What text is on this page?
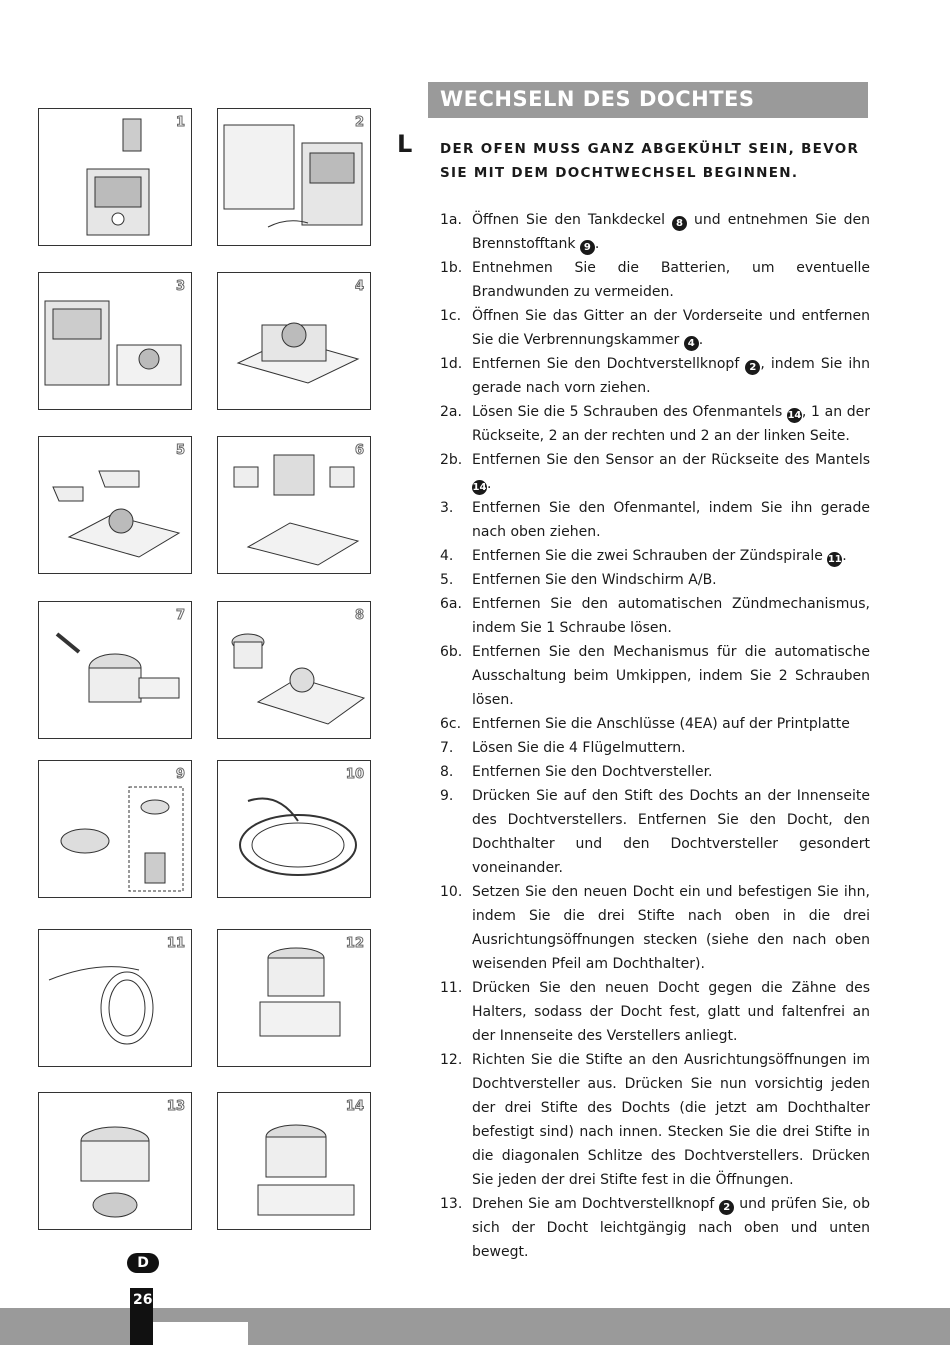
1	2
3	4
5	6
7	8
9	10
11	12
13	14
WECHSELN DES DOCHTES
L DER OFEN MUSS GANZ ABGEKÜHLT SEIN, BEVOR SIE MIT DEM DOCHTWECHSEL BEGINNEN.
1a. Öffnen Sie den Tankdeckel 8 und entnehmen Sie den Brennstofftank 9 .
1b. Entnehmen Sie die Batterien, um eventuelle Brandwunden zu vermeiden.
1c. Öffnen Sie das Gitter an der Vorderseite und entfernen Sie die Verbrennungskammer 4 .
1d. Entfernen Sie den Dochtverstellknopf 2 , indem Sie ihn gerade nach vorn ziehen.
2a. Lösen Sie die 5 Schrauben des Ofenmantels 14, 1 an der Rückseite, 2 an der rechten und 2 an der linken Seite.
2b. Entfernen Sie den Sensor an der Rückseite des Mantels 14.
3.	Entfernen Sie den Ofenmantel, indem Sie ihn gerade nach oben ziehen.
4.	Entfernen Sie die zwei Schrauben der Zündspirale 11.
5.	Entfernen Sie den Windschirm A/B.
6a. Entfernen Sie den automatischen Zündmechanismus, indem Sie 1 Schraube lösen.
6b. Entfernen Sie den Mechanismus für die automatische Ausschaltung beim Umkippen, indem Sie 2 Schrauben lösen.
6c. Entfernen Sie die Anschlüsse (4EA) auf der Printplatte
7.	Lösen Sie die 4 Flügelmuttern.
8.	Entfernen Sie den Dochtversteller.
9.	Drücken Sie auf den Stift des Dochts an der Innenseite des Dochtverstellers. Entfernen Sie den Docht, den Dochthalter und den Dochtversteller gesondert voneinander.
10. Setzen Sie den neuen Docht ein und befestigen Sie ihn, indem Sie die drei Stifte nach oben in die drei Ausrichtungsöffnungen stecken (siehe den nach oben weisenden Pfeil am Dochthalter).
11. Drücken Sie den neuen Docht gegen die Zähne des Halters, sodass der Docht fest, glatt und faltenfrei an der Innenseite des Verstellers anliegt.
12. Richten Sie die Stifte an den Ausrichtungsöffnungen im Dochtversteller aus. Drücken Sie nun vorsichtig jeden der drei Stifte des Dochts (die jetzt am Dochthalter befestigt sind) nach innen. Stecken Sie die drei Stifte in die diagonalen Schlitze des Dochtverstellers. Drücken Sie jeden der drei Stifte fest in die Öffnungen.
13. Drehen Sie am Dochtverstellknopf 2 und prüfen Sie, ob sich der Docht leichtgängig nach oben und unten bewegt.
D
26
